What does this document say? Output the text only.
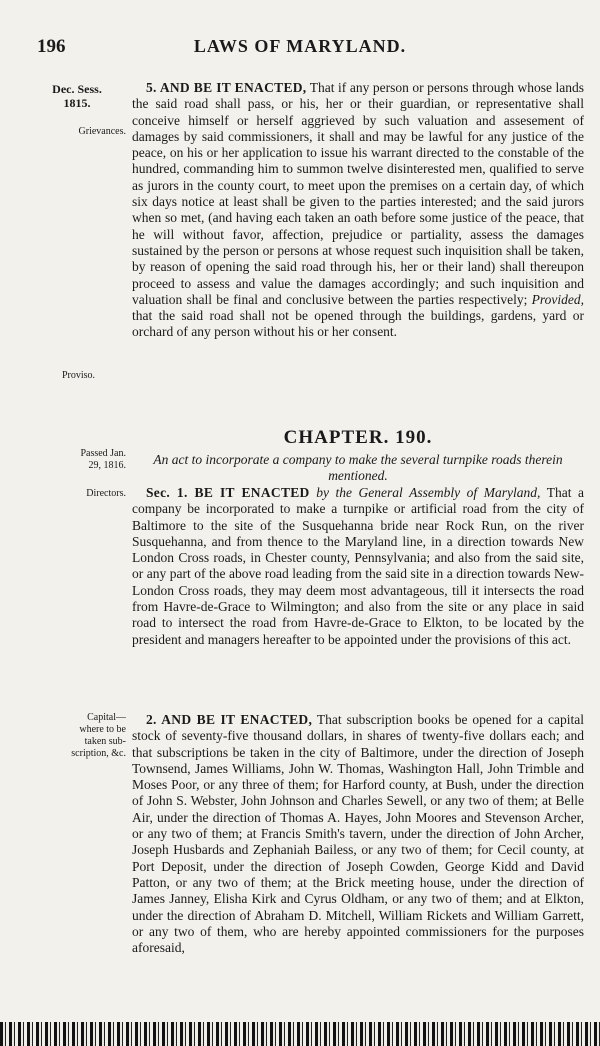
196	LAWS OF MARYLAND.
Dec. Sess.
1815.
Grievances.
Proviso.
Passed Jan.
29, 1816.
Directors.
Capital—
where to be
taken sub-
scription, &c.

5. AND BE IT ENACTED, That if any person or persons through whose lands the said road shall pass, or his, her or their guardian, or representative shall conceive himself or herself aggrieved by such valuation and assesement of damages by said commissioners, it shall and may be lawful for any justice of the peace, on his or her application to issue his warrant directed to the constable of the hundred, commanding him to summon twelve disinterested men, qualified to serve as jurors in the county court, to meet upon the premises on a certain day, of which six days notice at least shall be given to the parties interested; and the said jurors when so met, (and having each taken an oath before some justice of the peace, that he will without favor, affection, prejudice or partiality, assess the damages sustained by the person or persons at whose request such inquisition shall be taken, by reason of opening the said road through his, her or their land) shall thereupon proceed to assess and value the damages accordingly; and such inquisition and valuation shall be final and conclusive between the parties respectively; Provided, that the said road shall not be opened through the buildings, gardens, yard or orchard of any person without his or her consent.

CHAPTER. 190.
An act to incorporate a company to make the several turnpike roads therein mentioned.

Sec. 1. BE IT ENACTED by the General Assembly of Maryland, That a company be incorporated to make a turnpike or artificial road from the city of Baltimore to the site of the Susquehanna bride near Rock Run, on the river Susquehanna, and from thence to the Maryland line, in a direction towards New London Cross roads, in Chester county, Pennsylvania; and also from the said site, or any part of the above road leading from the said site in a direction towards New-London Cross roads, they may deem most advantageous, till it intersects the road from Havre-de-Grace to Wilmington; and also from the site or any place in said road to intersect the road from Havre-de-Grace to Elkton, to be located by the president and managers hereafter to be appointed under the provisions of this act.

2. AND BE IT ENACTED, That subscription books be opened for a capital stock of seventy-five thousand dollars, in shares of twenty-five dollars each; and that subscriptions be taken in the city of Baltimore, under the direction of Joseph Townsend, James Williams, John W. Thomas, Washington Hall, John Trimble and Moses Poor, or any three of them; for Harford county, at Bush, under the direction of John S. Webster, John Johnson and Charles Sewell, or any two of them; at Belle Air, under the direction of Thomas A. Hayes, John Moores and Stevenson Archer, or any two of them; at Francis Smith's tavern, under the direction of John Archer, Joseph Husbards and Zephaniah Bailess, or any two of them; for Cecil county, at Port Deposit, under the direction of Joseph Cowden, George Kidd and David Patton, or any two of them; at the Brick meeting house, under the direction of James Janney, Elisha Kirk and Cyrus Oldham, or any two of them; and at Elkton, under the direction of Abraham D. Mitchell, William Rickets and William Garrett, or any two of them, who are hereby appointed commissioners for the purposes aforesaid,
